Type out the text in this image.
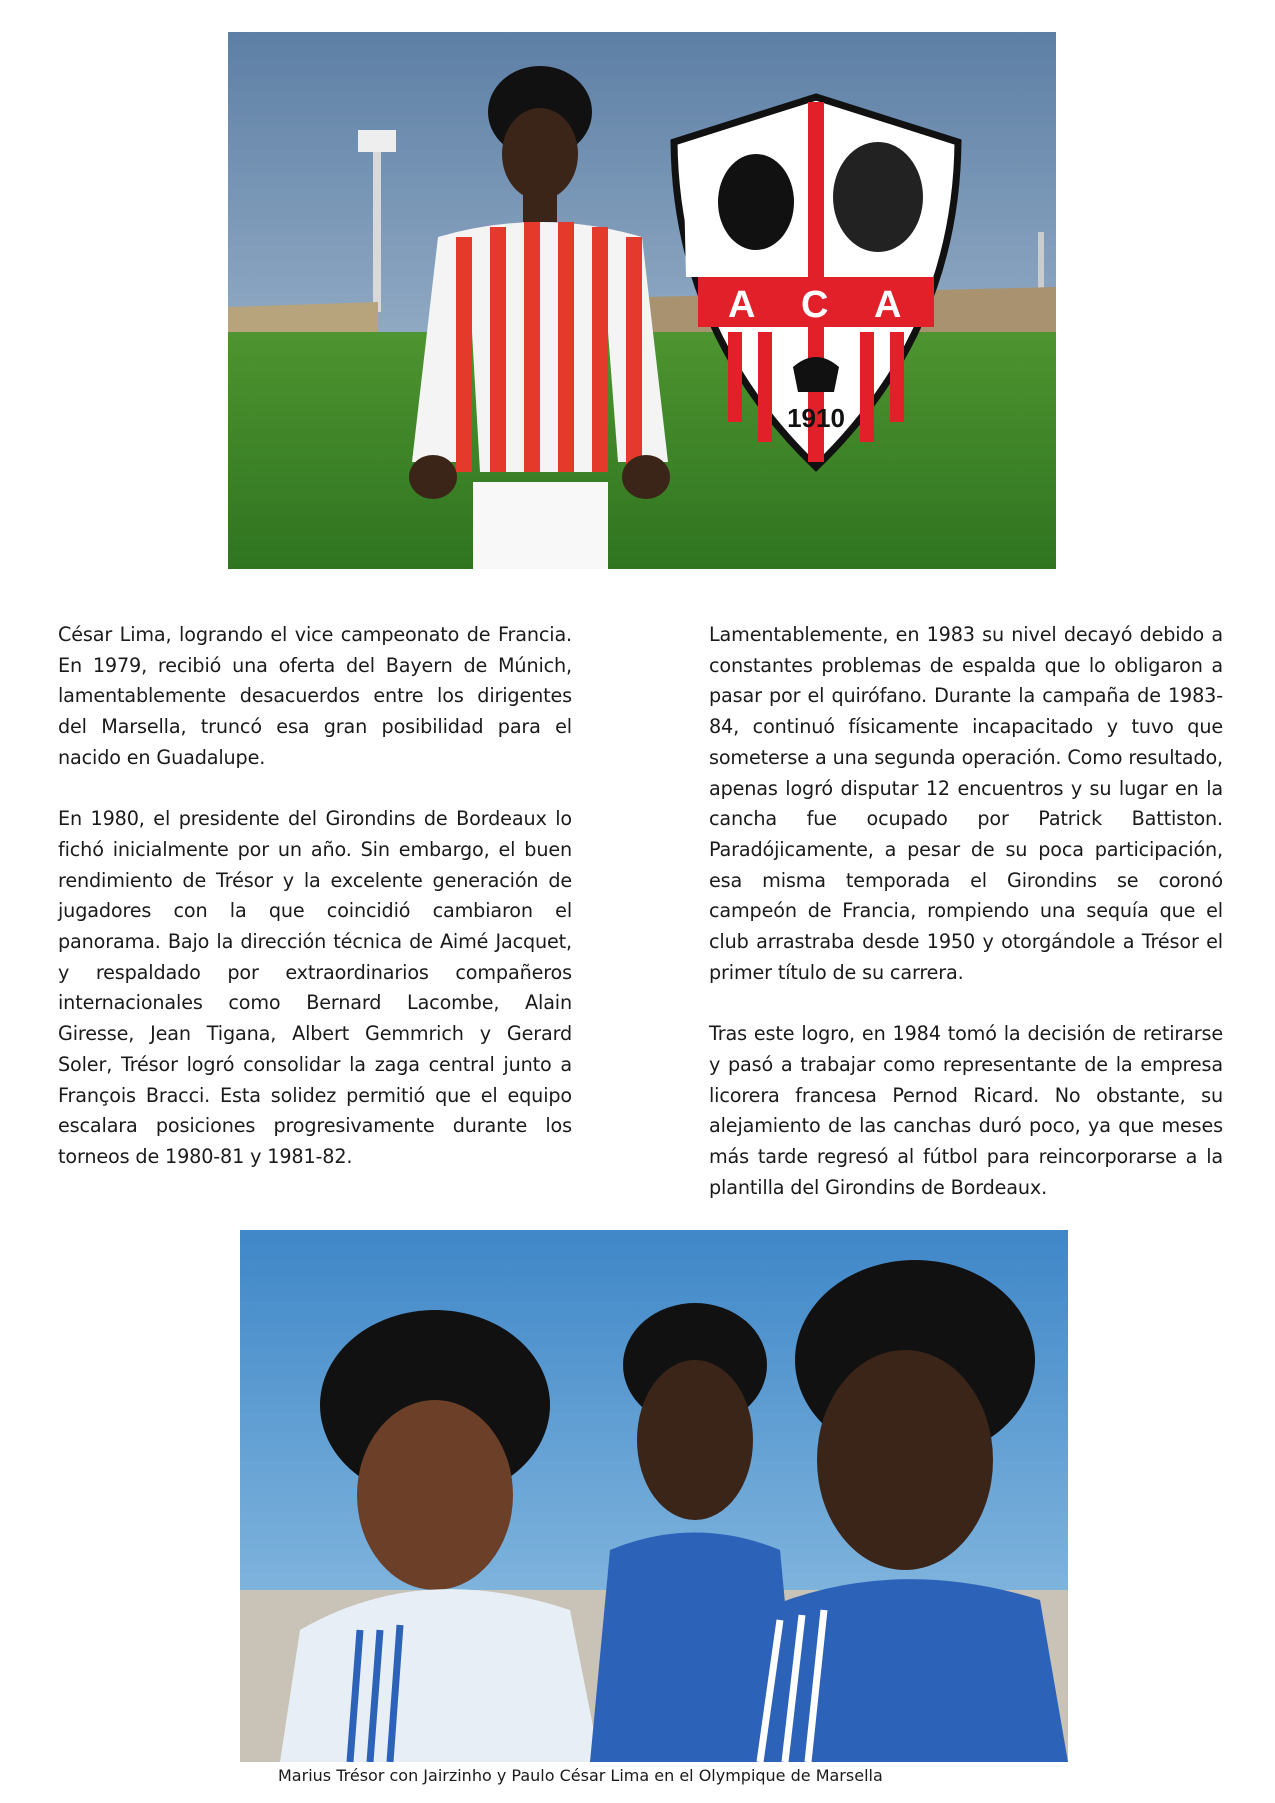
A C A
1910

César Lima, logrando el vice campeonato de Francia. En 1979, recibió una oferta del Bayern de Múnich, lamentablemente desacuerdos entre los dirigentes del Marsella, truncó esa gran posibilidad para el nacido en Guadalupe.

En 1980, el presidente del Girondins de Bordeaux lo fichó inicialmente por un año. Sin embargo, el buen rendimiento de Trésor y la excelente generación de jugadores con la que coincidió cambiaron el panorama. Bajo la dirección técnica de Aimé Jacquet, y respaldado por extraordinarios compañeros internacionales como Bernard Lacombe, Alain Giresse, Jean Tigana, Albert Gemmrich y Gerard Soler, Trésor logró consolidar la zaga central junto a François Bracci. Esta solidez permitió que el equipo escalara posiciones progresivamente durante los torneos de 1980-81 y 1981-82.

Lamentablemente, en 1983 su nivel decayó debido a constantes problemas de espalda que lo obligaron a pasar por el quirófano. Durante la campaña de 1983-84, continuó físicamente incapacitado y tuvo que someterse a una segunda operación. Como resultado, apenas logró disputar 12 encuentros y su lugar en la cancha fue ocupado por Patrick Battiston. Paradójicamente, a pesar de su poca participación, esa misma temporada el Girondins se coronó campeón de Francia, rompiendo una sequía que el club arrastraba desde 1950 y otorgándole a Trésor el primer título de su carrera.

Tras este logro, en 1984 tomó la decisión de retirarse y pasó a trabajar como representante de la empresa licorera francesa Pernod Ricard. No obstante, su alejamiento de las canchas duró poco, ya que meses más tarde regresó al fútbol para reincorporarse a la plantilla del Girondins de Bordeaux.

Marius Trésor con Jairzinho y Paulo César Lima en el Olympique de Marsella
